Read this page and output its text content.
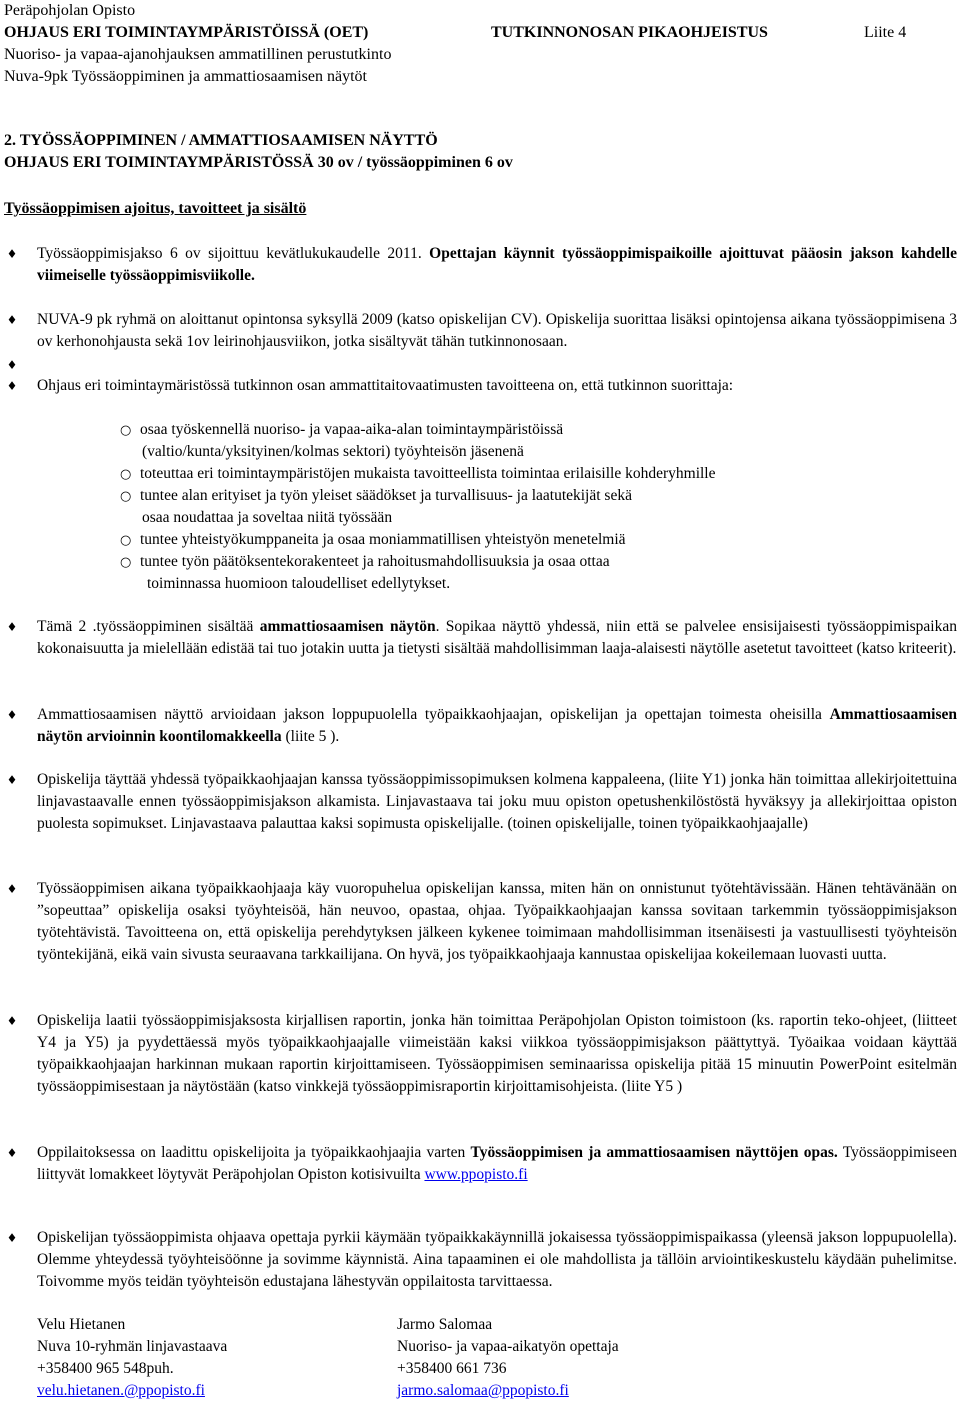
Peräpohjolan Opisto
OHJAUS ERI TOIMINTAYMPÄRISTÖISSÄ (OET)	TUTKINNONOSAN PIKAOHJEISTUS	Liite 4
Nuoriso- ja vapaa-ajanohjauksen ammatillinen perustutkinto
Nuva-9pk Työssäoppiminen ja ammattiosaamisen näytöt
2. TYÖSSÄOPPIMINEN / AMMATTIOSAAMISEN NÄYTTÖ
OHJAUS ERI TOIMINTAYMPÄRISTÖSSÄ 30 ov / työssäoppiminen 6 ov
Työssäoppimisen ajoitus, tavoitteet ja sisältö
♦ Työssäoppimisjakso 6 ov sijoittuu kevätlukukaudelle 2011. Opettajan käynnit työssäoppimispaikoille ajoittuvat pääosin jakson kahdelle viimeiselle työssäoppimisviikolle.
♦ NUVA-9 pk ryhmä on aloittanut opintonsa syksyllä 2009 (katso opiskelijan CV). Opiskelija suorittaa lisäksi opintojensa aikana työssäoppimisena 3 ov kerhonohjausta sekä 1ov leirinohjausviikon, jotka sisältyvät tähän tutkinnonosaan.
♦
♦ Ohjaus eri toimintaymäristössä tutkinnon osan ammattitaitovaatimusten tavoitteena on, että tutkinnon suorittaja:
○ osaa työskennellä nuoriso- ja vapaa-aika-alan toimintaympäristöissä
(valtio/kunta/yksityinen/kolmas sektori) työyhteisön jäsenenä
○ toteuttaa eri toimintaympäristöjen mukaista tavoitteellista toimintaa erilaisille kohderyhmille
○ tuntee alan erityiset ja työn yleiset säädökset ja turvallisuus- ja laatutekijät sekä
osaa noudattaa ja soveltaa niitä työssään
○ tuntee yhteistyökumppaneita ja osaa moniammatillisen yhteistyön menetelmiä
○ tuntee työn päätöksentekorakenteet ja rahoitusmahdollisuuksia ja osaa ottaa
toiminnassa huomioon taloudelliset edellytykset.
♦ Tämä 2 .työssäoppiminen sisältää ammattiosaamisen näytön. Sopikaa näyttö yhdessä, niin että se palvelee ensisijaisesti työssäoppimispaikan kokonaisuutta ja mielellään edistää tai tuo jotakin uutta ja tietysti sisältää mahdollisimman laaja-alaisesti näytölle asetetut tavoitteet (katso kriteerit).
♦ Ammattiosaamisen näyttö arvioidaan jakson loppupuolella työpaikkaohjaajan, opiskelijan ja opettajan toimesta oheisilla Ammattiosaamisen näytön arvioinnin koontilomakkeella (liite 5 ).
♦ Opiskelija täyttää yhdessä työpaikkaohjaajan kanssa työssäoppimissopimuksen kolmena kappaleena, (liite Y1) jonka hän toimittaa allekirjoitettuina linjavastaavalle ennen työssäoppimisjakson alkamista. Linjavastaava tai joku muu opiston opetushenkilöstöstä hyväksyy ja allekirjoittaa opiston puolesta sopimukset. Linjavastaava palauttaa kaksi sopimusta opiskelijalle. (toinen opiskelijalle, toinen työpaikkaohjaajalle)
♦ Työssäoppimisen aikana työpaikkaohjaaja käy vuoropuhelua opiskelijan kanssa, miten hän on onnistunut työtehtävissään. Hänen tehtävänään on ”sopeuttaa” opiskelija osaksi työyhteisöä, hän neuvoo, opastaa, ohjaa. Työpaikkaohjaajan kanssa sovitaan tarkemmin työssäoppimisjakson työtehtävistä. Tavoitteena on, että opiskelija perehdytyksen jälkeen kykenee toimimaan mahdollisimman itsenäisesti ja vastuullisesti työyhteisön työntekijänä, eikä vain sivusta seuraavana tarkkailijana. On hyvä, jos työpaikkaohjaaja kannustaa opiskelijaa kokeilemaan luovasti uutta.
♦ Opiskelija laatii työssäoppimisjaksosta kirjallisen raportin, jonka hän toimittaa Peräpohjolan Opiston toimistoon (ks. raportin teko-ohjeet, (liitteet Y4 ja Y5) ja pyydettäessä myös työpaikkaohjaajalle viimeistään kaksi viikkoa työssäoppimisjakson päättyttyä. Työaikaa voidaan käyttää työpaikkaohjaajan harkinnan mukaan raportin kirjoittamiseen. Työssäoppimisen seminaarissa opiskelija pitää 15 minuutin PowerPoint esitelmän työssäoppimisestaan ja näytöstään (katso vinkkejä työssäoppimisraportin kirjoittamisohjeista. (liite Y5 )
♦ Oppilaitoksessa on laadittu opiskelijoita ja työpaikkaohjaajia varten Työssäoppimisen ja ammattiosaamisen näyttöjen opas. Työssäoppimiseen liittyvät lomakkeet löytyvät Peräpohjolan Opiston kotisivuilta www.ppopisto.fi
♦ Opiskelijan työssäoppimista ohjaava opettaja pyrkii käymään työpaikkakäynnillä jokaisessa työssäoppimispaikassa (yleensä jakson loppupuolella). Olemme yhteydessä työyhteisöönne ja sovimme käynnistä. Aina tapaaminen ei ole mahdollista ja tällöin arviointikeskustelu käydään puhelimitse. Toivomme myös teidän työyhteisön edustajana lähestyvän oppilaitosta tarvittaessa.
Velu Hietanen
Nuva 10-ryhmän linjavastaava
+358400 965 548puh.
velu.hietanen.@ppopisto.fi
Jarmo Salomaa
Nuoriso- ja vapaa-aikatyön opettaja
+358400 661 736
jarmo.salomaa@ppopisto.fi
